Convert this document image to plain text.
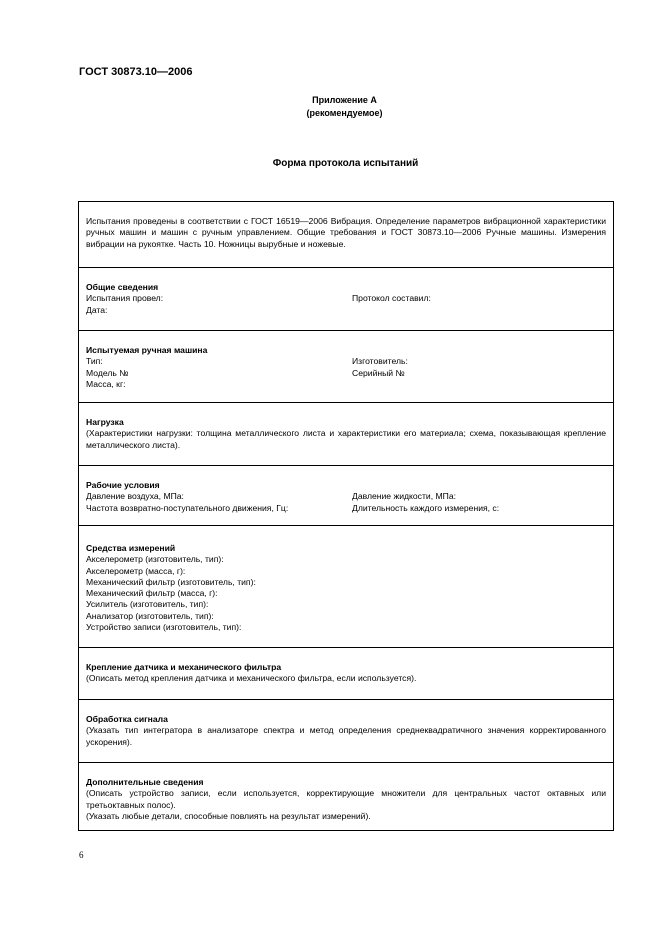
ГОСТ 30873.10—2006
Приложение А
(рекомендуемое)
Форма протокола испытаний
Испытания проведены в соответствии с ГОСТ 16519—2006 Вибрация. Определение параметров вибрационной характеристики ручных машин и машин с ручным управлением. Общие требования и ГОСТ 30873.10—2006 Ручные машины. Измерения вибрации на рукоятке. Часть 10. Ножницы вырубные и ножевые.
Общие сведения
Испытания провел:	Протокол составил:
Дата:
Испытуемая ручная машина
Тип:	Изготовитель:
Модель №	Серийный №
Масса, кг:
Нагрузка
(Характеристики нагрузки: толщина металлического листа и характеристики его материала; схема, показывающая крепление металлического листа).
Рабочие условия
Давление воздуха, МПа:	Давление жидкости, МПа:
Частота возвратно-поступательного движения, Гц:	Длительность каждого измерения, с:
Средства измерений
Акселерометр (изготовитель, тип):
Акселерометр (масса, г):
Механический фильтр (изготовитель, тип):
Механический фильтр (масса, г):
Усилитель (изготовитель, тип):
Анализатор (изготовитель, тип):
Устройство записи (изготовитель, тип):
Крепление датчика и механического фильтра
(Описать метод крепления датчика и механического фильтра, если используется).
Обработка сигнала
(Указать тип интегратора в анализаторе спектра и метод определения среднеквадратичного значения корректированного ускорения).
Дополнительные сведения
(Описать устройство записи, если используется, корректирующие множители для центральных частот октавных или третьоктавных полос).
(Указать любые детали, способные повлиять на результат измерений).
6
